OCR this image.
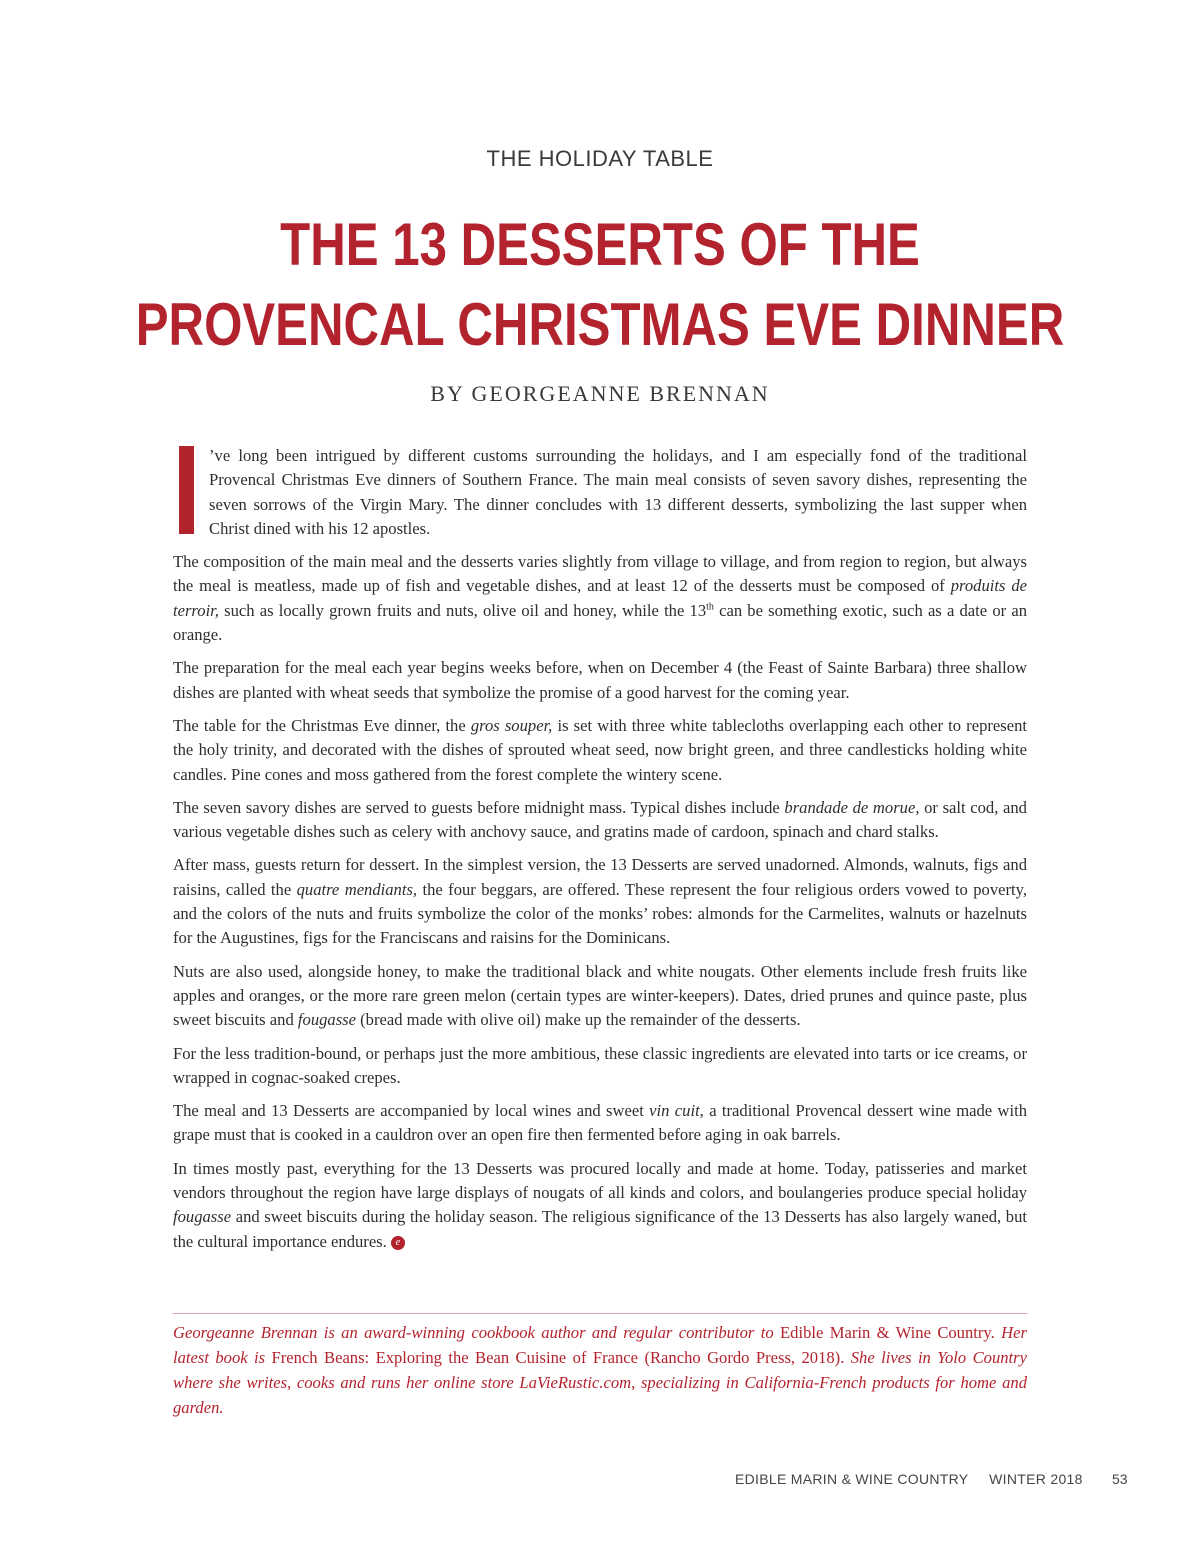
THE HOLIDAY TABLE
THE 13 DESSERTS OF THE
PROVENCAL CHRISTMAS EVE DINNER
BY GEORGEANNE BRENNAN

’ve long been intrigued by different customs surrounding the holidays, and I am especially fond of the traditional Provencal Christmas Eve dinners of Southern France. The main meal consists of seven savory dishes, representing the seven sorrows of the Virgin Mary. The dinner concludes with 13 different desserts, symbolizing the last supper when Christ dined with his 12 apostles.

The composition of the main meal and the desserts varies slightly from village to village, and from region to region, but always the meal is meatless, made up of fish and vegetable dishes, and at least 12 of the desserts must be composed of produits de terroir, such as locally grown fruits and nuts, olive oil and honey, while the 13th can be something exotic, such as a date or an orange.

The preparation for the meal each year begins weeks before, when on December 4 (the Feast of Sainte Barbara) three shallow dishes are planted with wheat seeds that symbolize the promise of a good harvest for the coming year.

The table for the Christmas Eve dinner, the gros souper, is set with three white tablecloths overlapping each other to represent the holy trinity, and decorated with the dishes of sprouted wheat seed, now bright green, and three candlesticks holding white candles. Pine cones and moss gathered from the forest complete the wintery scene.

The seven savory dishes are served to guests before midnight mass. Typical dishes include brandade de morue, or salt cod, and various vegetable dishes such as celery with anchovy sauce, and gratins made of cardoon, spinach and chard stalks.

After mass, guests return for dessert. In the simplest version, the 13 Desserts are served unadorned. Almonds, walnuts, figs and raisins, called the quatre mendiants, the four beggars, are offered. These represent the four religious orders vowed to poverty, and the colors of the nuts and fruits symbolize the color of the monks’ robes: almonds for the Carmelites, walnuts or hazelnuts for the Augustines, figs for the Franciscans and raisins for the Dominicans.

Nuts are also used, alongside honey, to make the traditional black and white nougats. Other elements include fresh fruits like apples and oranges, or the more rare green melon (certain types are winter-keepers). Dates, dried prunes and quince paste, plus sweet biscuits and fougasse (bread made with olive oil) make up the remainder of the desserts.

For the less tradition-bound, or perhaps just the more ambitious, these classic ingredients are elevated into tarts or ice creams, or wrapped in cognac-soaked crepes.

The meal and 13 Desserts are accompanied by local wines and sweet vin cuit, a traditional Provencal dessert wine made with grape must that is cooked in a cauldron over an open fire then fermented before aging in oak barrels.

In times mostly past, everything for the 13 Desserts was procured locally and made at home. Today, patisseries and market vendors throughout the region have large displays of nougats of all kinds and colors, and boulangeries produce special holiday fougasse and sweet biscuits during the holiday season. The religious significance of the 13 Desserts has also largely waned, but the cultural importance endures. e

Georgeanne Brennan is an award-winning cookbook author and regular contributor to Edible Marin & Wine Country. Her latest book is French Beans: Exploring the Bean Cuisine of France (Rancho Gordo Press, 2018). She lives in Yolo Country where she writes, cooks and runs her online store LaVieRustic.com, specializing in California-French products for home and garden.
EDIBLE MARIN & WINE COUNTRY WINTER 2018 53
